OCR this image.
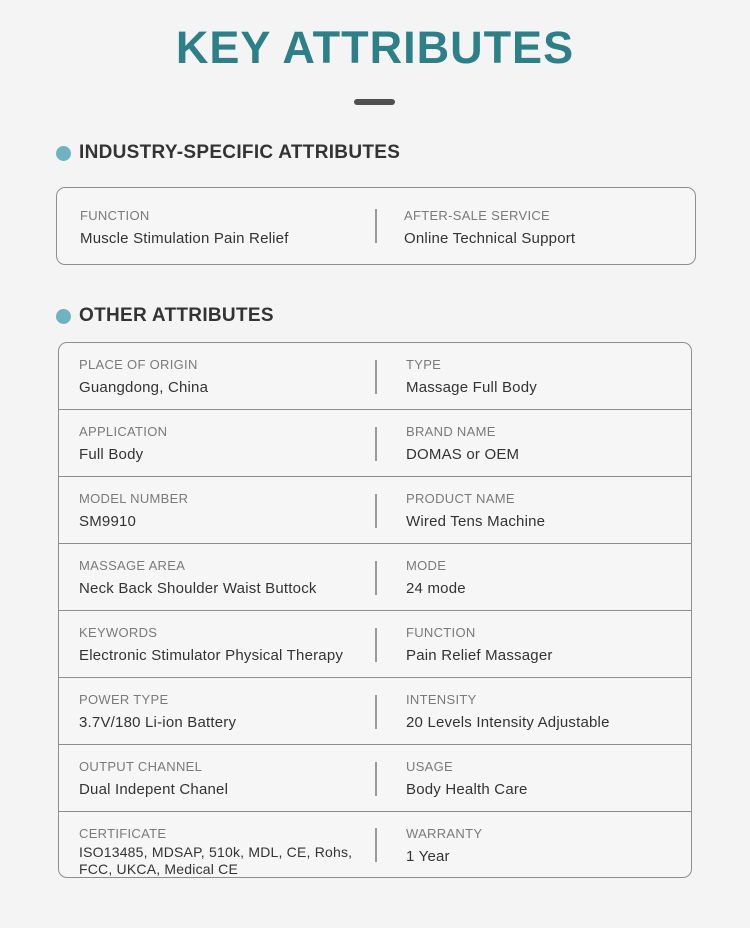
KEY ATTRIBUTES
INDUSTRY-SPECIFIC ATTRIBUTES
FUNCTION
Muscle Stimulation Pain Relief
AFTER-SALE SERVICE
Online Technical Support
OTHER ATTRIBUTES
PLACE OF ORIGIN
Guangdong, China
TYPE
Massage Full Body
APPLICATION
Full Body
BRAND NAME
DOMAS or OEM
MODEL NUMBER
SM9910
PRODUCT NAME
Wired Tens Machine
MASSAGE AREA
Neck Back Shoulder Waist Buttock
MODE
24 mode
KEYWORDS
Electronic Stimulator Physical Therapy
FUNCTION
Pain Relief Massager
POWER TYPE
3.7V/180 Li-ion Battery
INTENSITY
20 Levels Intensity Adjustable
OUTPUT CHANNEL
Dual Indepent Chanel
USAGE
Body Health Care
CERTIFICATE
ISO13485, MDSAP, 510k, MDL, CE, Rohs, FCC, UKCA, Medical CE
WARRANTY
1 Year
